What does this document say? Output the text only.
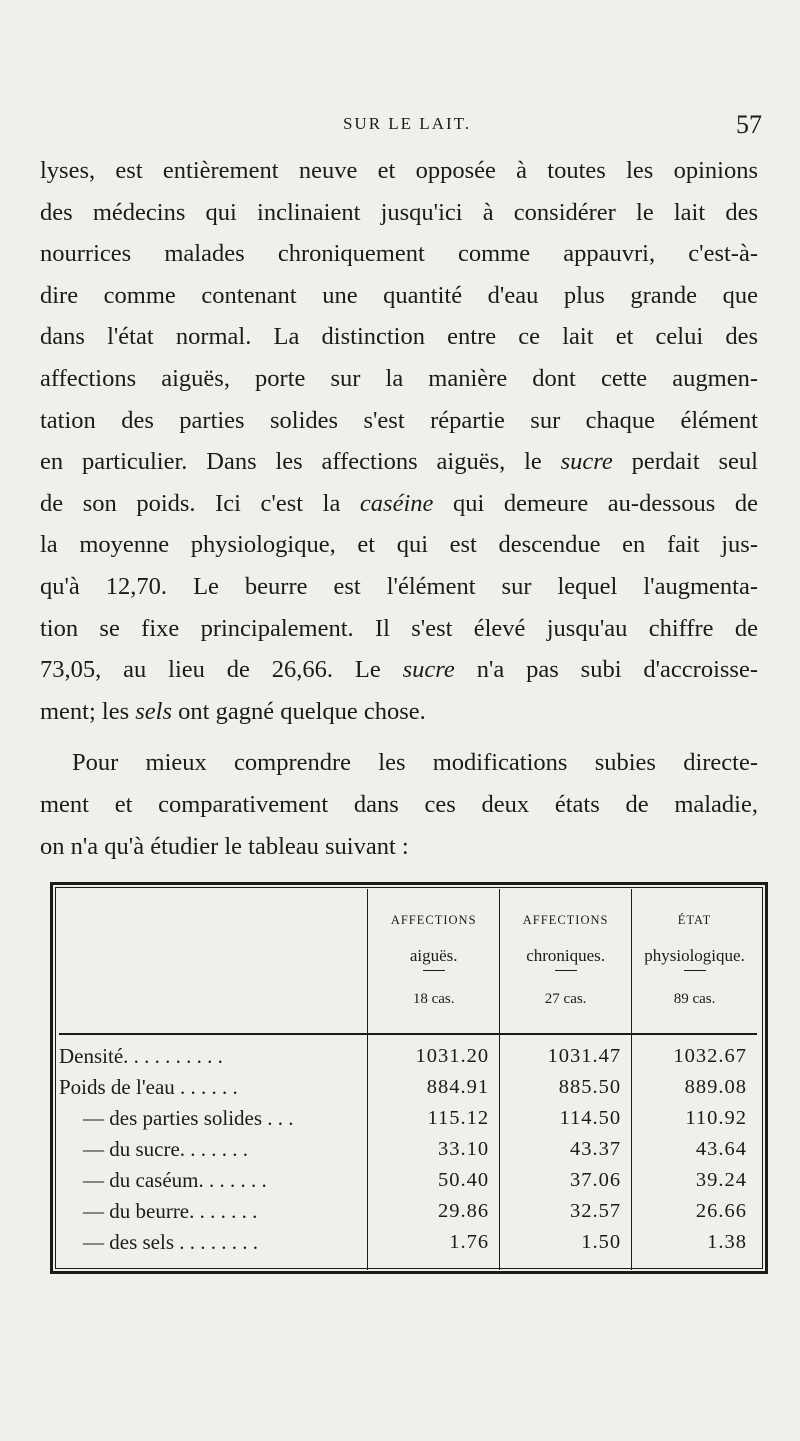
SUR LE LAIT.	57

lyses, est entièrement neuve et opposée à toutes les opinions
des médecins qui inclinaient jusqu'ici à considérer le lait des
nourrices malades chroniquement comme appauvri, c'est-à-
dire comme contenant une quantité d'eau plus grande que
dans l'état normal. La distinction entre ce lait et celui des
affections aiguës, porte sur la manière dont cette augmen-
tation des parties solides s'est répartie sur chaque élément
en particulier. Dans les affections aiguës, le sucre perdait seul
de son poids. Ici c'est la caséine qui demeure au-dessous de
la moyenne physiologique, et qui est descendue en fait jus-
qu'à 12,70. Le beurre est l'élément sur lequel l'augmenta-
tion se fixe principalement. Il s'est élevé jusqu'au chiffre de
73,05, au lieu de 26,66. Le sucre n'a pas subi d'accroisse-
ment; les sels ont gagné quelque chose.

Pour mieux comprendre les modifications subies directe-
ment et comparativement dans ces deux états de maladie,
on n'a qu'à étudier le tableau suivant :

	AFFECTIONS
aiguës.
18 cas.	AFFECTIONS
chroniques.
27 cas.	ÉTAT
physiologique.
89 cas.

Densité. . . . . . . . . .	1031.20	1031.47	1032.67
Poids de l'eau . . . . . .	884.91	885.50	889.08
— des parties solides . . .	115.12	114.50	110.92
— du sucre. . . . . . .	33.10	43.37	43.64
— du caséum. . . . . . .	50.40	37.06	39.24
— du beurre. . . . . . .	29.86	32.57	26.66
— des sels . . . . . . . .	1.76	1.50	1.38
